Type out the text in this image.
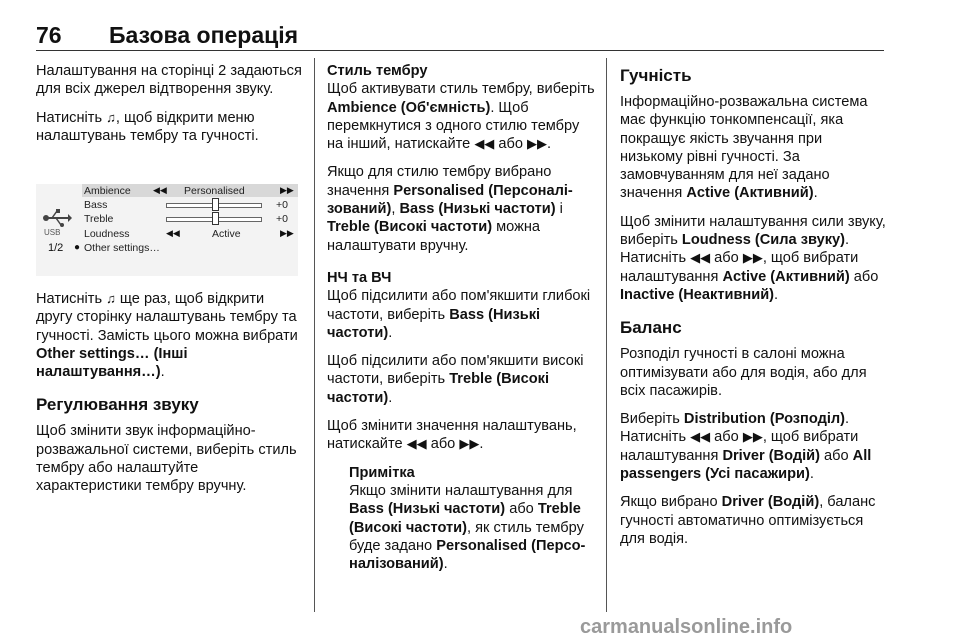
76 Базова операція

Налаштування на сторінці 2 задаються для всіх джерел відтворення звуку.

Натисніть ♫, щоб відкрити меню налаштувань тембру та гучності.

USB
1/2
Ambience ◀◀ Personalised	▶▶
Bass	+0
Treble	+0
Loudness	◀◀	Active	▶▶
● Other settings…

Натисніть ♫ ще раз, щоб відкрити другу сторінку налаштувань тембру та гучності. Замість цього можна вибрати Other settings… (Інші налаштування…).

Регулювання звуку

Щоб змінити звук інформаційно-розважальної системи, виберіть стиль тембру або налаштуйте характеристики тембру вручну.

Стиль тембру

Щоб активувати стиль тембру, виберіть Ambience (Об'ємність). Щоб перемкнутися з одного стилю тембру на інший, натискайте ◀◀ або ▶▶.

Якщо для стилю тембру вибрано значення Personalised (Персоналі-зований), Bass (Низькі частоти) і Treble (Високі частоти) можна налаштувати вручну.

НЧ та ВЧ

Щоб підсилити або пом'якшити глибокі частоти, виберіть Bass (Низькі частоти).

Щоб підсилити або пом'якшити високі частоти, виберіть Treble (Високі частоти).

Щоб змінити значення налаштувань, натискайте ◀◀ або ▶▶.

Примітка

Якщо змінити налаштування для Bass (Низькі частоти) або Treble (Високі частоти), як стиль тембру буде задано Personalised (Персо-налізований).

Гучність

Інформаційно-розважальна система має функцію тонкомпенсації, яка покращує якість звучання при низькому рівні гучності. За замовчуванням для неї задано значення Active (Активний).

Щоб змінити налаштування сили звуку, виберіть Loudness (Сила звуку). Натисніть ◀◀ або ▶▶, щоб вибрати налаштування Active (Активний) або Inactive (Неактивний).

Баланс

Розподіл гучності в салоні можна оптимізувати або для водія, або для всіх пасажирів.

Виберіть Distribution (Розподіл). Натисніть ◀◀ або ▶▶, щоб вибрати налаштування Driver (Водій) або All passengers (Усі пасажири).

Якщо вибрано Driver (Водій), баланс гучності автоматично оптимізується для водія.

carmanualsonline.info
